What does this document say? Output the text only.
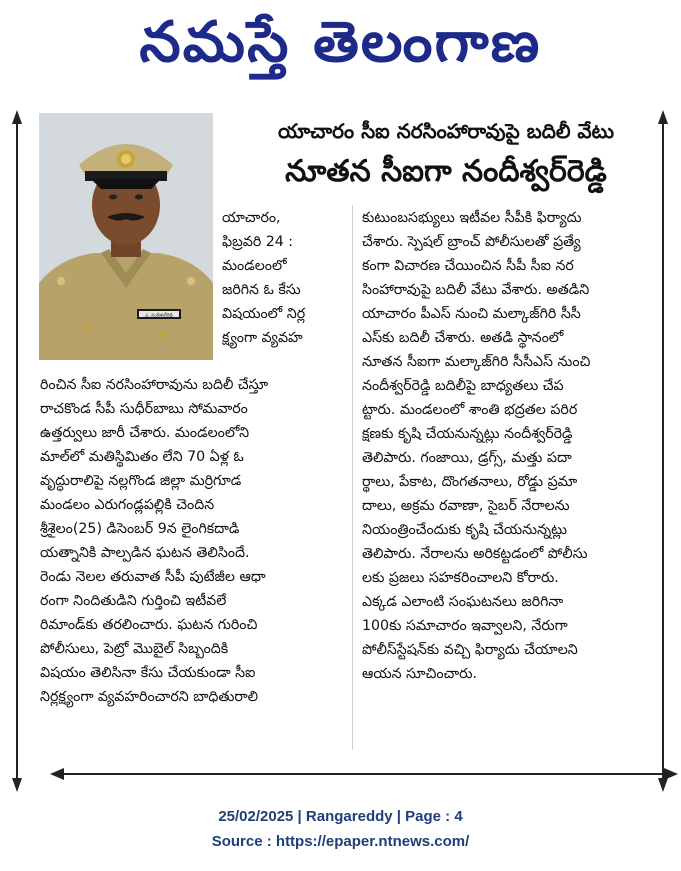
నమస్తే తెలంగాణ
ఎ. నందీశ్వర్‌రెడ్డి
యాచారం సీఐ నరసింహారావుపై బదిలీ వేటు
నూతన సీఐగా నందీశ్వర్‌రెడ్డి
యాచారం,
ఫిబ్రవరి 24 :
మండలంలో
జరిగిన ఓ కేసు
విషయంలో నిర్ల
క్ష్యంగా వ్యవహ
రించిన సీఐ నరసింహారావును బదిలీ చేస్తూ
రాచకొండ సీపీ సుధీర్‌బాబు సోమవారం
ఉత్తర్వులు జారీ చేశారు. మండలంలోని
మాల్‌లో మతిస్థిమితం లేని 70 ఏళ్ల ఓ
వృద్ధురాలిపై నల్లగొండ జిల్లా మర్రిగూడ
మండలం ఎరుగండ్లపల్లికి చెందిన
శ్రీశైలం(25) డిసెంబర్ 9న లైంగికదాడి
యత్నానికి పాల్పడిన ఘటన తెలిసిందే.
రెండు నెలల తరువాత సీపీ పుటేజీల ఆధా
రంగా నిందితుడిని గుర్తించి ఇటీవలే
రిమాండ్‌కు తరలించారు. ఘటన గురించి
పోలీసులు, పెట్రో మొబైల్ సిబ్బందికి
విషయం తెలిసినా కేసు చేయకుండా సీఐ
నిర్లక్ష్యంగా వ్యవహరించారని బాధితురాలి
కుటుంబసభ్యులు ఇటీవల సీపీకి ఫిర్యాదు
చేశారు. స్పెషల్ బ్రాంచ్ పోలీసులతో ప్రత్యే
కంగా విచారణ చేయించిన సీపీ సీఐ నర
సింహారావుపై బదిలీ వేటు వేశారు. అతడిని
యాచారం పీఎస్ నుంచి మల్కాజ్‌గిరి సీసీ
ఎస్‌కు బదిలీ చేశారు. అతడి స్థానంలో
నూతన సీఐగా మల్కాజ్‌గిరి సీసీఎస్ నుంచి
నందీశ్వర్‌రెడ్డి బదిలీపై బాధ్యతలు చేప
ట్టారు. మండలంలో శాంతి భద్రతల పరిర
క్షణకు కృషి చేయనున్నట్లు నందీశ్వర్‌రెడ్డి
తెలిపారు. గంజాయి, డ్రగ్స్, మత్తు పదా
ర్థాలు, పేకాట, దొంగతనాలు, రోడ్డు ప్రమా
దాలు, అక్రమ రవాణా, సైబర్ నేరాలను
నియంత్రించేందుకు కృషి చేయనున్నట్లు
తెలిపారు. నేరాలను అరికట్టడంలో పోలీసు
లకు ప్రజలు సహకరించాలని కోరారు.
ఎక్కడ ఎలాంటి సంఘటనలు జరిగినా
100కు సమాచారం ఇవ్వాలని, నేరుగా
పోలీస్‌స్టేషన్‌కు వచ్చి ఫిర్యాదు చేయాలని
ఆయన సూచించారు.
25/02/2025 | Rangareddy | Page : 4
Source : https://epaper.ntnews.com/
